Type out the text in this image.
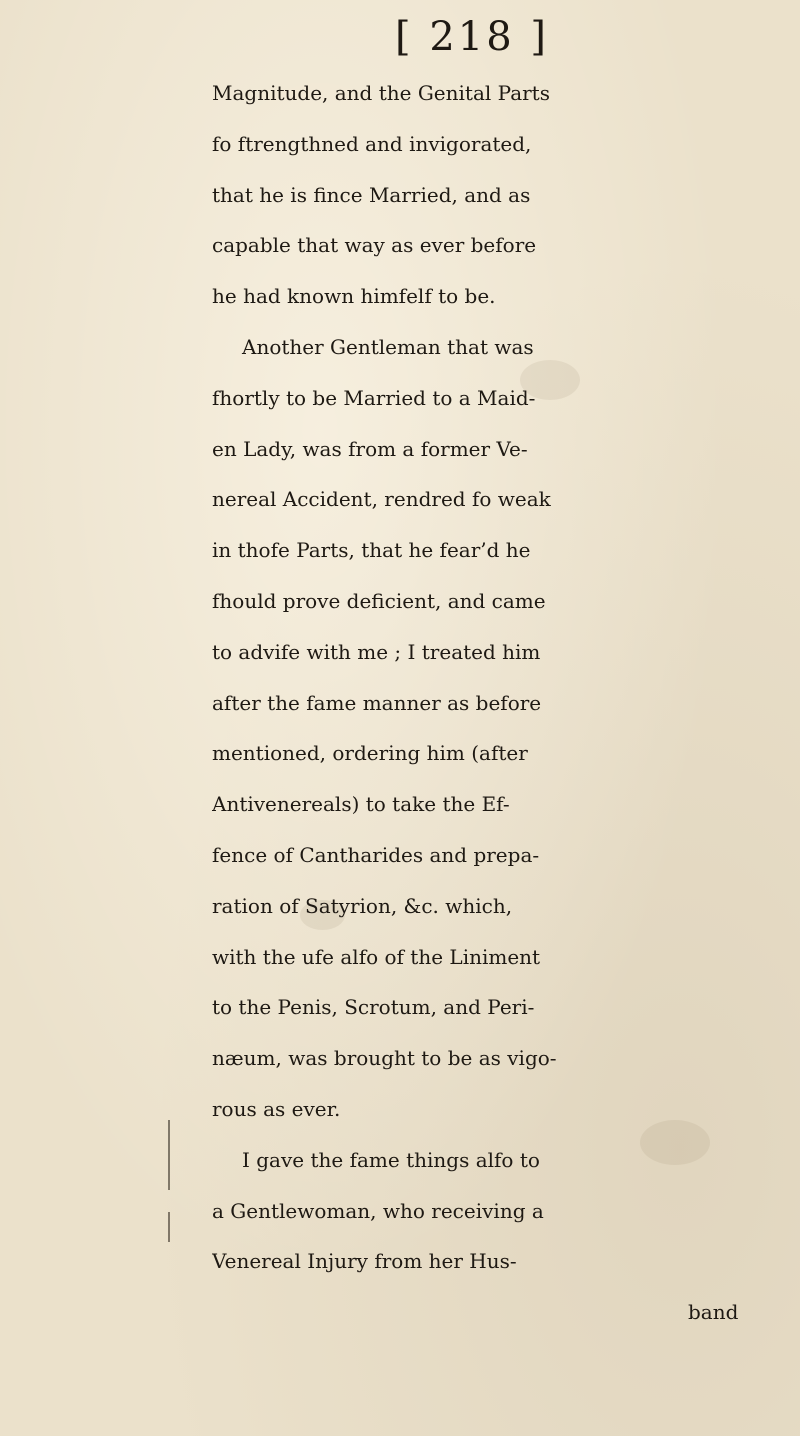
[ 218 ]
Magnitude, and the Genital Parts
fo ftrengthned and invigorated,
that he is fince Married, and as
capable that way as ever before
he had known himfelf to be.
Another Gentleman that was
fhortly to be Married to a Maid-
en Lady, was from a former Ve-
nereal Accident, rendred fo weak
in thofe Parts, that he fear’d he
fhould prove deficient, and came
to advife with me ; I treated him
after the fame manner as before
mentioned, ordering him (after
Antivenereals) to take the Ef-
fence of Cantharides and prepa-
ration of Satyrion, &c. which,
with the ufe alfo of the Liniment
to the Penis, Scrotum, and Peri-
næum, was brought to be as vigo-
rous as ever.
I gave the fame things alfo to
a Gentlewoman, who receiving a
Venereal Injury from her Hus-
band
